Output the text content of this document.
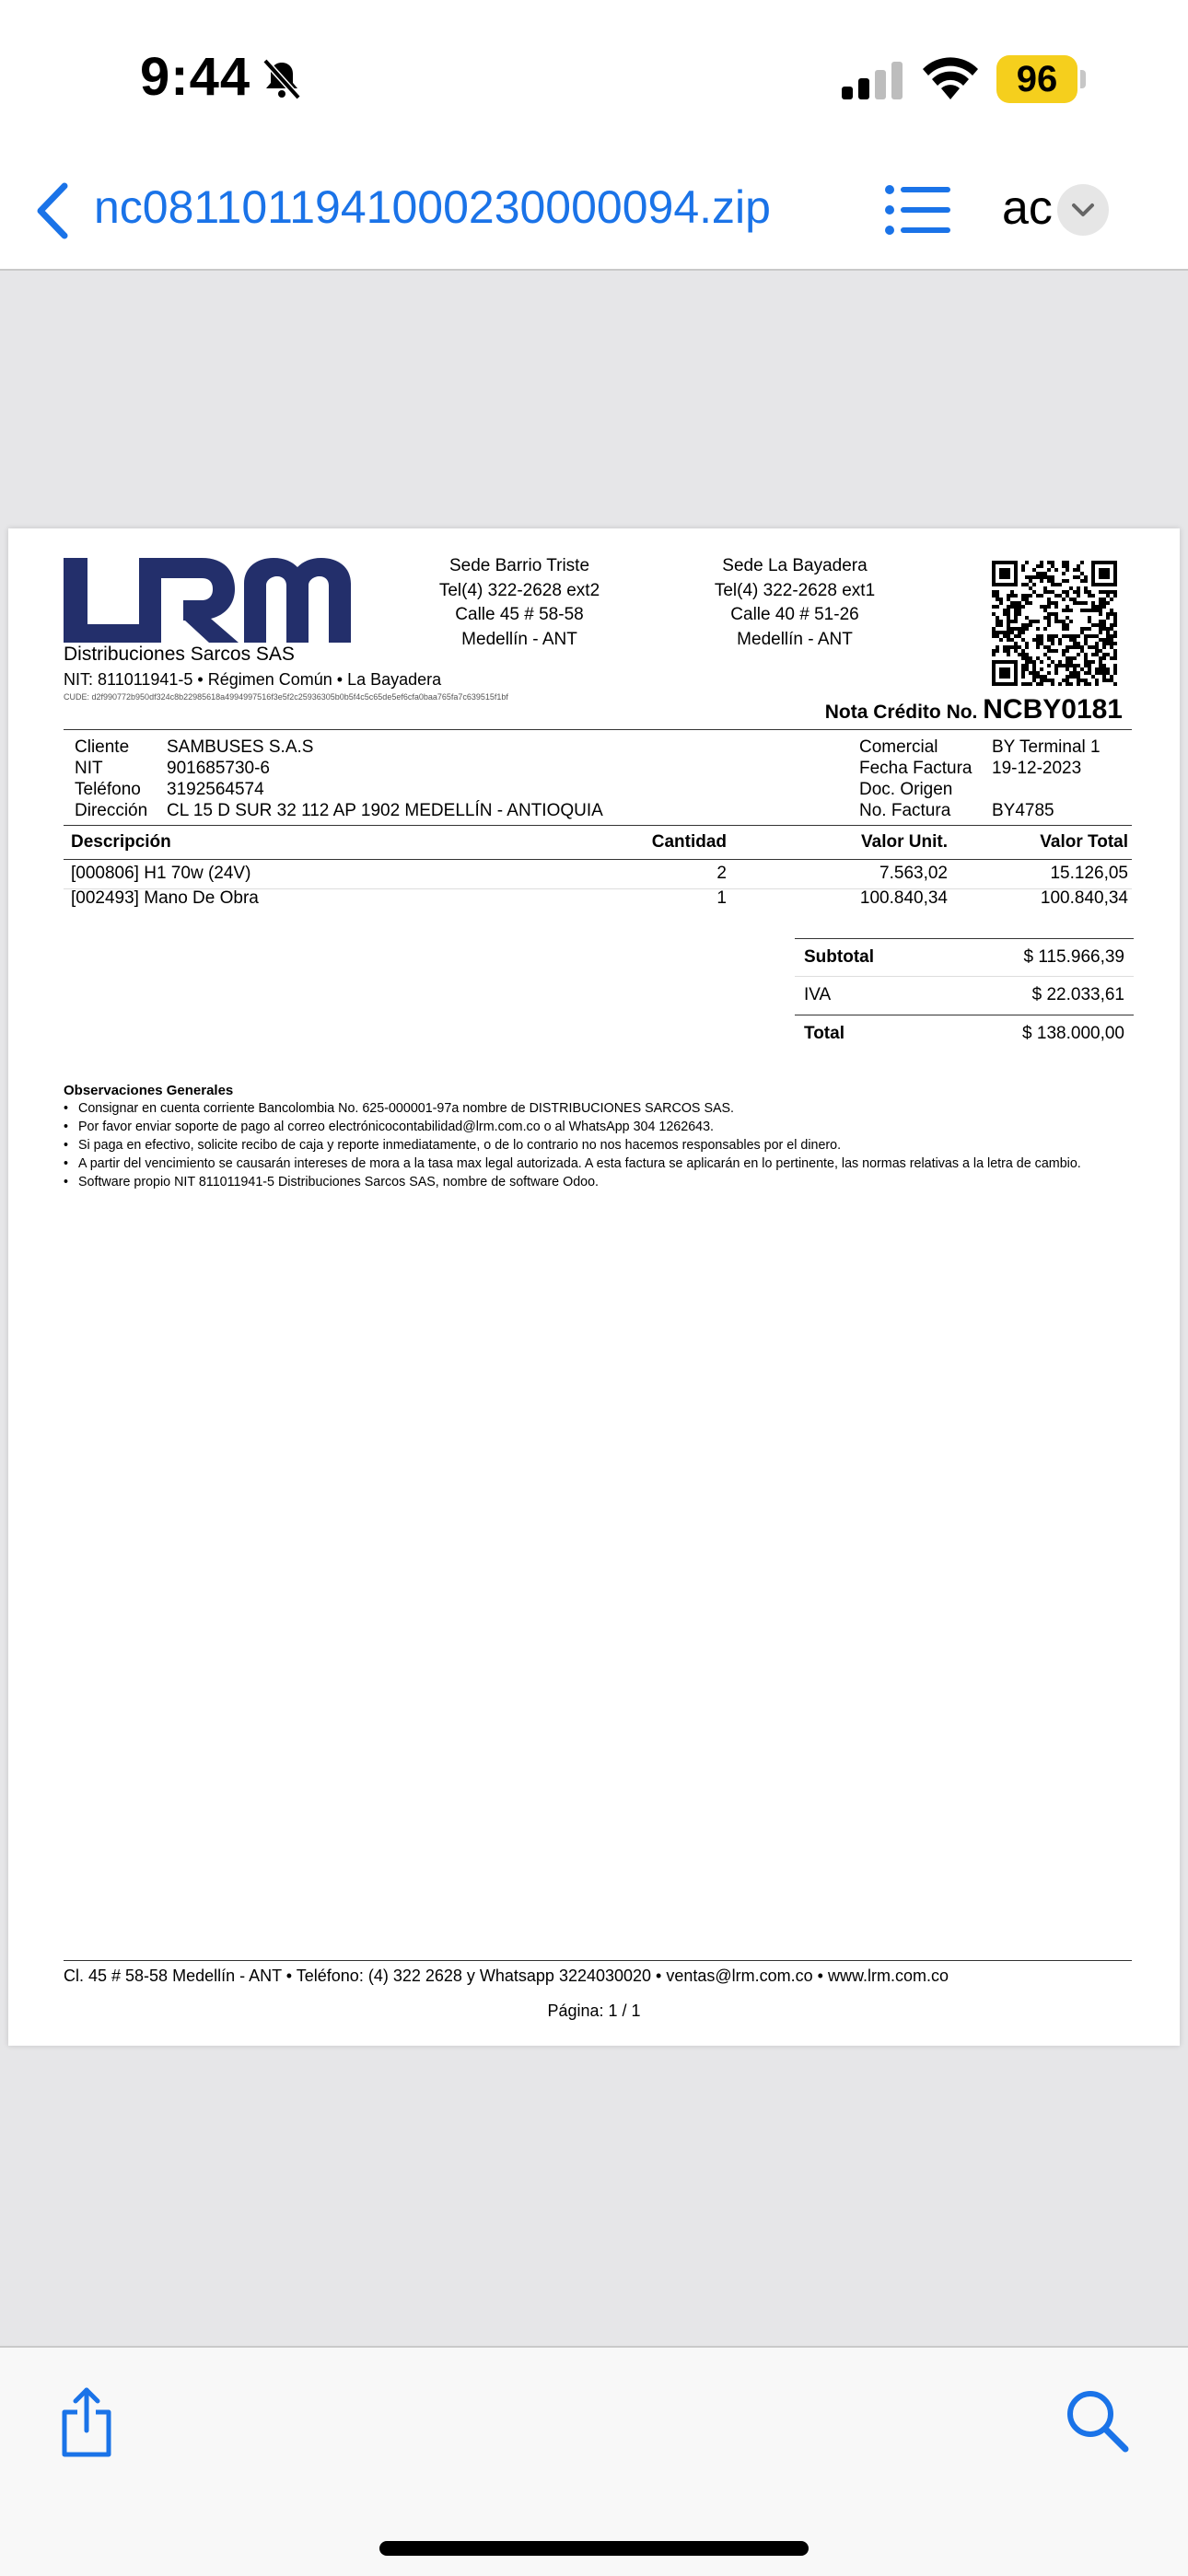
9:44	96
nc0811011941000230000094.zip	ac
Distribuciones Sarcos SAS
NIT: 811011941-5 • Régimen Común • La Bayadera
CUDE: d2f990772b950df324c8b22985618a4994997516f3e5f2c25936305b0b5f4c5c65de5ef6cfa0baa765fa7c639515f1bf
Sede Barrio Triste
Tel(4) 322-2628 ext2
Calle 45 # 58-58
Medellín - ANT
Sede La Bayadera
Tel(4) 322-2628 ext1
Calle 40 # 51-26
Medellín - ANT
Nota Crédito No. NCBY0181
Cliente	SAMBUSES S.A.S
NIT	901685730-6
Teléfono	3192564574
Dirección	CL 15 D SUR 32 112 AP 1902 MEDELLÍN - ANTIOQUIA
Comercial	BY Terminal 1
Fecha Factura	19-12-2023
Doc. Origen
No. Factura	BY4785
Descripción	Cantidad	Valor Unit.	Valor Total
[000806] H1 70w (24V)	2	7.563,02	15.126,05
[002493] Mano De Obra	1	100.840,34	100.840,34
Subtotal	$ 115.966,39
IVA	$ 22.033,61
Total	$ 138.000,00
Observaciones Generales
• Consignar en cuenta corriente Bancolombia No. 625-000001-97a nombre de DISTRIBUCIONES SARCOS SAS.
• Por favor enviar soporte de pago al correo electrónicocontabilidad@lrm.com.co o al WhatsApp 304 1262643.
• Si paga en efectivo, solicite recibo de caja y reporte inmediatamente, o de lo contrario no nos hacemos responsables por el dinero.
• A partir del vencimiento se causarán intereses de mora a la tasa max legal autorizada. A esta factura se aplicarán en lo pertinente, las normas relativas a la letra de cambio.
• Software propio NIT 811011941-5 Distribuciones Sarcos SAS, nombre de software Odoo.
Cl. 45 # 58-58 Medellín - ANT • Teléfono: (4) 322 2628 y Whatsapp 3224030020 • ventas@lrm.com.co • www.lrm.com.co
Página: 1 / 1
